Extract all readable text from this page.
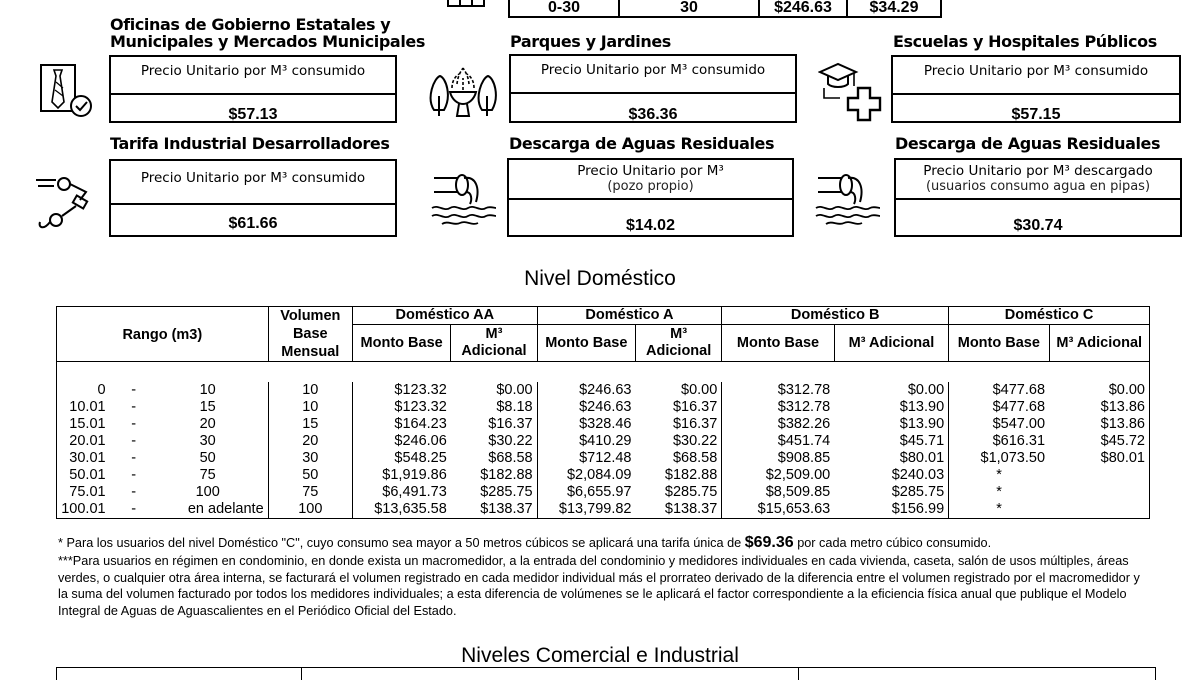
0-30	30	$246.63	$34.29
Oficinas de Gobierno Estatales y Municipales y Mercados Municipales
Precio Unitario por M³ consumido
$57.13
Parques y Jardines
Precio Unitario por M³ consumido
$36.36
Escuelas y Hospitales Públicos
Precio Unitario por M³ consumido
$57.15
Tarifa Industrial Desarrolladores
Precio Unitario por M³ consumido
$61.66
Descarga de Aguas Residuales
Precio Unitario por M³
(pozo propio)
$14.02
Descarga de Aguas Residuales
Precio Unitario por M³ descargado
(usuarios consumo agua en pipas)
$30.74
Nivel Doméstico
Rango (m3)			Volumen Base Mensual	Doméstico AA		Doméstico A		Doméstico B		Doméstico C	
				Monto Base	M³ Adicional	Monto Base	M³ Adicional	Monto Base	M³ Adicional	Monto Base	M³ Adicional

0	-	10	10	$123.32	$0.00	$246.63	$0.00	$312.78	$0.00	$477.68	$0.00
10.01	-	15	10	$123.32	$8.18	$246.63	$16.37	$312.78	$13.90	$477.68	$13.86
15.01	-	20	15	$164.23	$16.37	$328.46	$16.37	$382.26	$13.90	$547.00	$13.86
20.01	-	30	20	$246.06	$30.22	$410.29	$30.22	$451.74	$45.71	$616.31	$45.72
30.01	-	50	30	$548.25	$68.58	$712.48	$68.58	$908.85	$80.01	$1,073.50	$80.01
50.01	-	75	50	$1,919.86	$182.88	$2,084.09	$182.88	$2,509.00	$240.03	*	
75.01	-	100	75	$6,491.73	$285.75	$6,655.97	$285.75	$8,509.85	$285.75	*	
100.01	-	en adelante	100	$13,635.58	$138.37	$13,799.82	$138.37	$15,653.63	$156.99	*	
* Para los usuarios del nivel Doméstico "C", cuyo consumo sea mayor a 50 metros cúbicos se aplicará una tarifa única de $69.36 por cada metro cúbico consumido.
***Para usuarios en régimen en condominio, en donde exista un macromedidor, a la entrada del condominio y medidores individuales en cada vivienda, caseta, salón de usos múltiples, áreas verdes, o cualquier otra área interna, se facturará el volumen registrado en cada medidor individual más el prorrateo derivado de la diferencia entre el volumen registrado por el macromedidor y la suma del volumen facturado por todos los medidores individuales; a esta diferencia de volúmenes se le aplicará el factor correspondiente a la eficiencia física anual que publique el Modelo Integral de Aguas de Aguascalientes en el Periódico Oficial del Estado.
Niveles Comercial e Industrial
